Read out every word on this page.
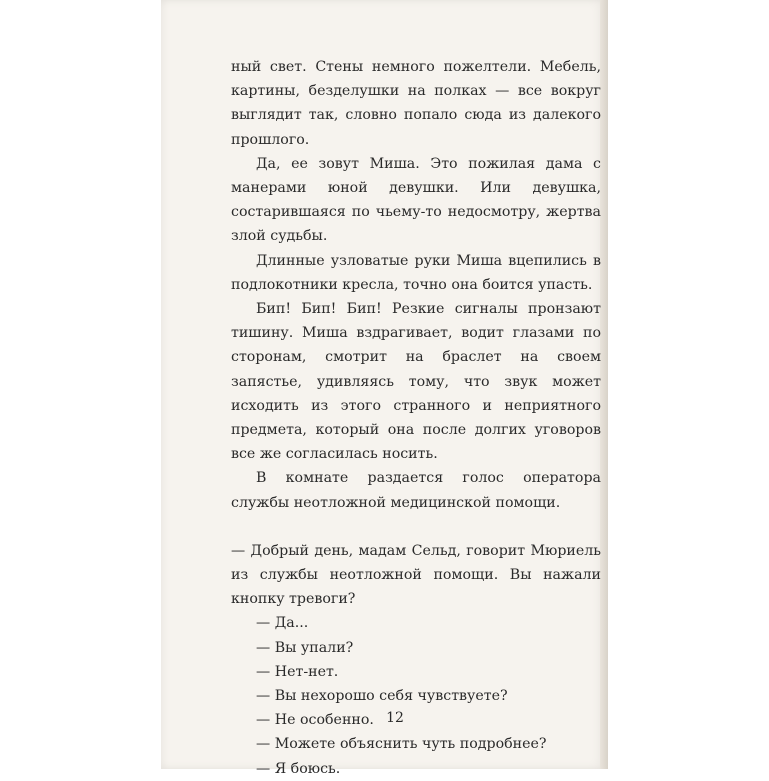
ный свет. Стены немного пожелтели. Мебель, картины, безделушки на полках — все вокруг выглядит так, словно попало сюда из далекого прошлого.

Да, ее зовут Миша. Это пожилая дама с манерами юной девушки. Или девушка, состарившаяся по чьему-то недосмотру, жертва злой судьбы.

Длинные узловатые руки Миша вцепились в подлокотники кресла, точно она боится упасть.

Бип! Бип! Бип! Резкие сигналы пронзают тишину. Миша вздрагивает, водит глазами по сторонам, смотрит на браслет на своем запястье, удивляясь тому, что звук может исходить из этого странного и неприятного предмета, который она после долгих уговоров все же согласилась носить.

В комнате раздается голос оператора службы неотложной медицинской помощи.

— Добрый день, мадам Сельд, говорит Мюриель из службы неотложной помощи. Вы нажали кнопку тревоги?

— Да...

— Вы упали?

— Нет-нет.

— Вы нехорошо себя чувствуете?

— Не особенно.

— Можете объяснить чуть подробнее?

— Я боюсь.

12
